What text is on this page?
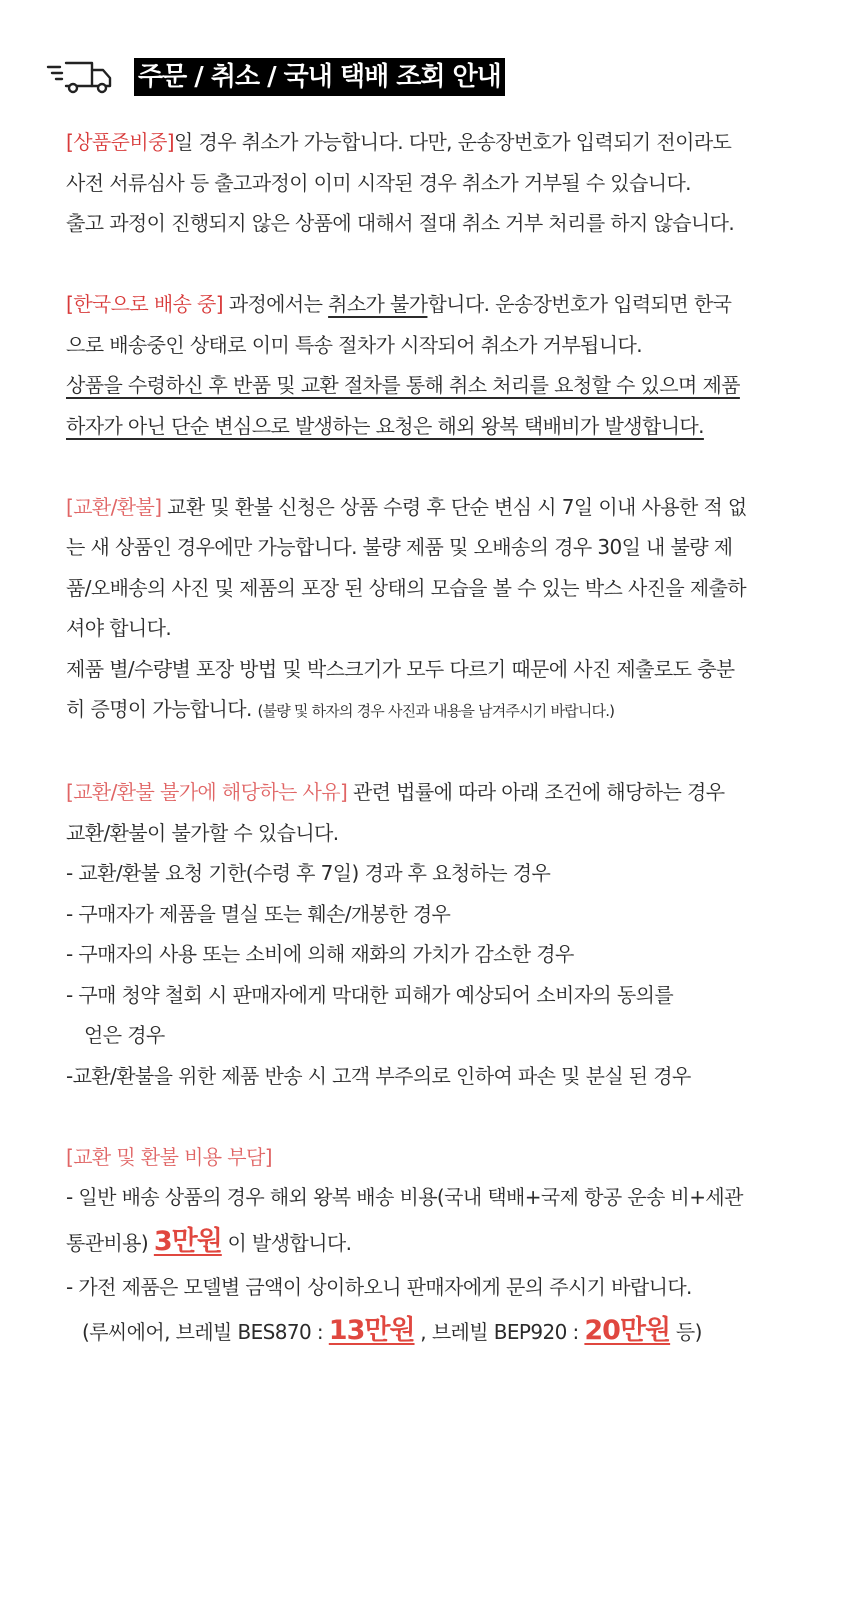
주문 / 취소 / 국내 택배 조회 안내

[상품준비중]일 경우 취소가 가능합니다. 다만, 운송장번호가 입력되기 전이라도

사전 서류심사 등 출고과정이 이미 시작된 경우 취소가 거부될 수 있습니다.

출고 과정이 진행되지 않은 상품에 대해서 절대 취소 거부 처리를 하지 않습니다.

[한국으로 배송 중] 과정에서는 취소가 불가합니다. 운송장번호가 입력되면 한국

으로 배송중인 상태로 이미 특송 절차가 시작되어 취소가 거부됩니다.

상품을 수령하신 후 반품 및 교환 절차를 통해 취소 처리를 요청할 수 있으며 제품

하자가 아닌 단순 변심으로 발생하는 요청은 해외 왕복 택배비가 발생합니다.

[교환/환불] 교환 및 환불 신청은 상품 수령 후 단순 변심 시 7일 이내 사용한 적 없

는 새 상품인 경우에만 가능합니다. 불량 제품 및 오배송의 경우 30일 내 불량 제

품/오배송의 사진 및 제품의 포장 된 상태의 모습을 볼 수 있는 박스 사진을 제출하

셔야 합니다.

제품 별/수량별 포장 방법 및 박스크기가 모두 다르기 때문에 사진 제출로도 충분

히 증명이 가능합니다. (불량 및 하자의 경우 사진과 내용을 남겨주시기 바랍니다.)

[교환/환불 불가에 해당하는 사유] 관련 법률에 따라 아래 조건에 해당하는 경우

교환/환불이 불가할 수 있습니다.

- 교환/환불 요청 기한(수령 후 7일) 경과 후 요청하는 경우

- 구매자가 제품을 멸실 또는 훼손/개봉한 경우

- 구매자의 사용 또는 소비에 의해 재화의 가치가 감소한 경우

- 구매 청약 철회 시 판매자에게 막대한 피해가 예상되어 소비자의 동의를

얻은 경우

-교환/환불을 위한 제품 반송 시 고객 부주의로 인하여 파손 및 분실 된 경우

[교환 및 환불 비용 부담]

- 일반 배송 상품의 경우 해외 왕복 배송 비용(국내 택배+국제 항공 운송 비+세관

통관비용) 3만원 이 발생합니다.

- 가전 제품은 모델별 금액이 상이하오니 판매자에게 문의 주시기 바랍니다.

(루씨에어, 브레빌 BES870 : 13만원 , 브레빌 BEP920 : 20만원 등)
